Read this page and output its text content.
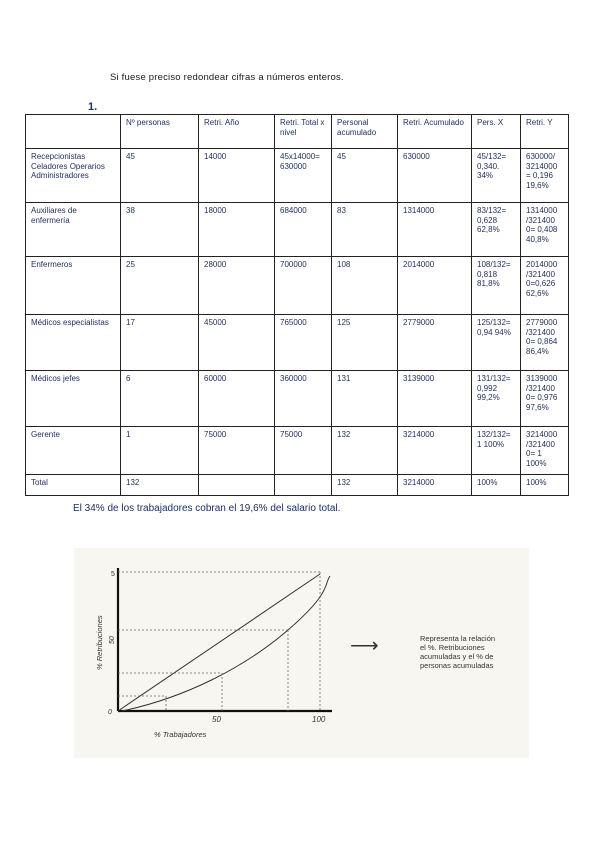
Si fuese preciso redondear cifras a números enteros.
1.
	Nº personas	Retri. Año	Retri. Total x nivel	Personal acumulado	Retri. Acumulado	Pers. X	Retri. Y
Recepcionistas Celadores Operarios Administradores	45	14000	45x14000= 630000	45	630000	45/132= 0,340. 34%	630000/ 3214000 = 0,196 19,6%
Auxiliares de enfermería	38	18000	684000	83	1314000	83/132= 0,628 62,8%	1314000 /321400 0= 0,408 40,8%
Enfermeros	25	28000	700000	108	2014000	108/132= 0,818 81,8%	2014000 /321400 0=0,626 62,6%
Médicos especialistas	17	45000	765000	125	2779000	125/132= 0,94 94%	2779000 /321400 0= 0,864 86,4%
Médicos jefes	6	60000	360000	131	3139000	131/132= 0,992 99,2%	3139000 /321400 0= 0,976 97,6%
Gerente	1	75000	75000	132	3214000	132/132= 1 100%	3214000 /321400 0= 1 100%
Total	132			132	3214000	100%	100%
El 34% de los trabajadores cobran el 19,6% del salario total.
5
0
50	100
50
% Retribuciones
% Trabajadores
⟶	Representa la relación
el %. Retribuciones
acumuladas y el % de
personas acumuladas
